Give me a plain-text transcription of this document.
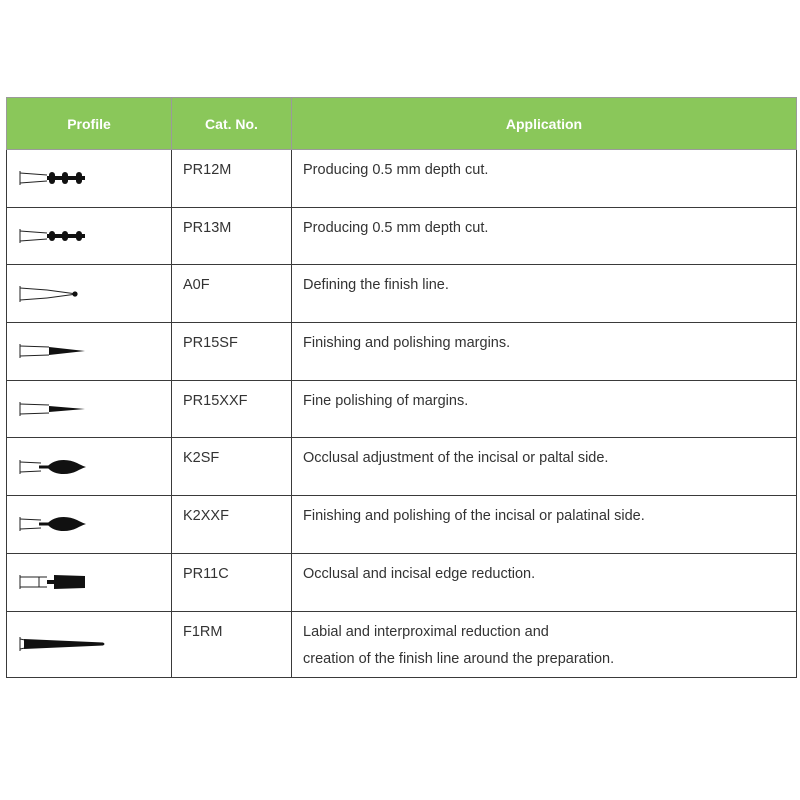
Profile	Cat. No.	Application

PR12M	Producing 0.5 mm depth cut.

PR13M	Producing 0.5 mm depth cut.

A0F	Defining the finish line.

PR15SF	Finishing and polishing margins.

PR15XXF	Fine polishing of margins.

K2SF	Occlusal adjustment of the incisal or paltal side.

K2XXF	Finishing and polishing of the incisal or palatinal side.

PR11C	Occlusal and incisal edge reduction.

F1RM	Labial and interproximal reduction and
creation of the finish line around the preparation.
